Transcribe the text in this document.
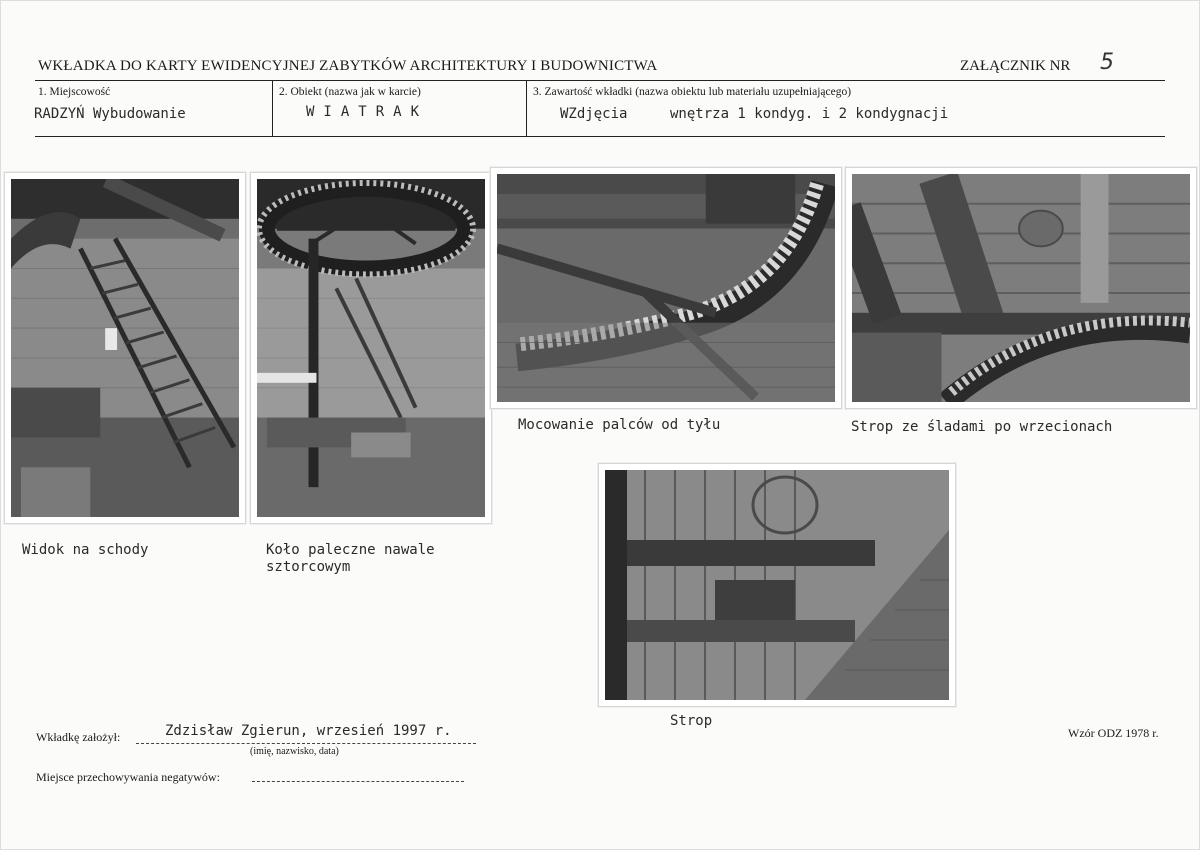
WKŁADKA DO KARTY EWIDENCYJNEJ ZABYTKÓW ARCHITEKTURY I BUDOWNICTWA	ZAŁĄCZNIK NR 5
1. Miejscowość
RADZYŃ Wybudowanie
2. Obiekt (nazwa jak w karcie)
WIATRAK
3. Zawartość wkładki (nazwa obiektu lub materiału uzupełniającego)
WZdjęcia	wnętrza 1 kondyg. i 2 kondygnacji
Widok na schody	Koło paleczne nawale
sztorcowym
Mocowanie palców od tyłu	Strop ze śladami po wrzecionach
Strop
Wkładkę założył:	Zdzisław Zgierun, wrzesień 1997 r.
(imię, nazwisko, data)
Miejsce przechowywania negatywów:
Wzór ODZ 1978 r.
